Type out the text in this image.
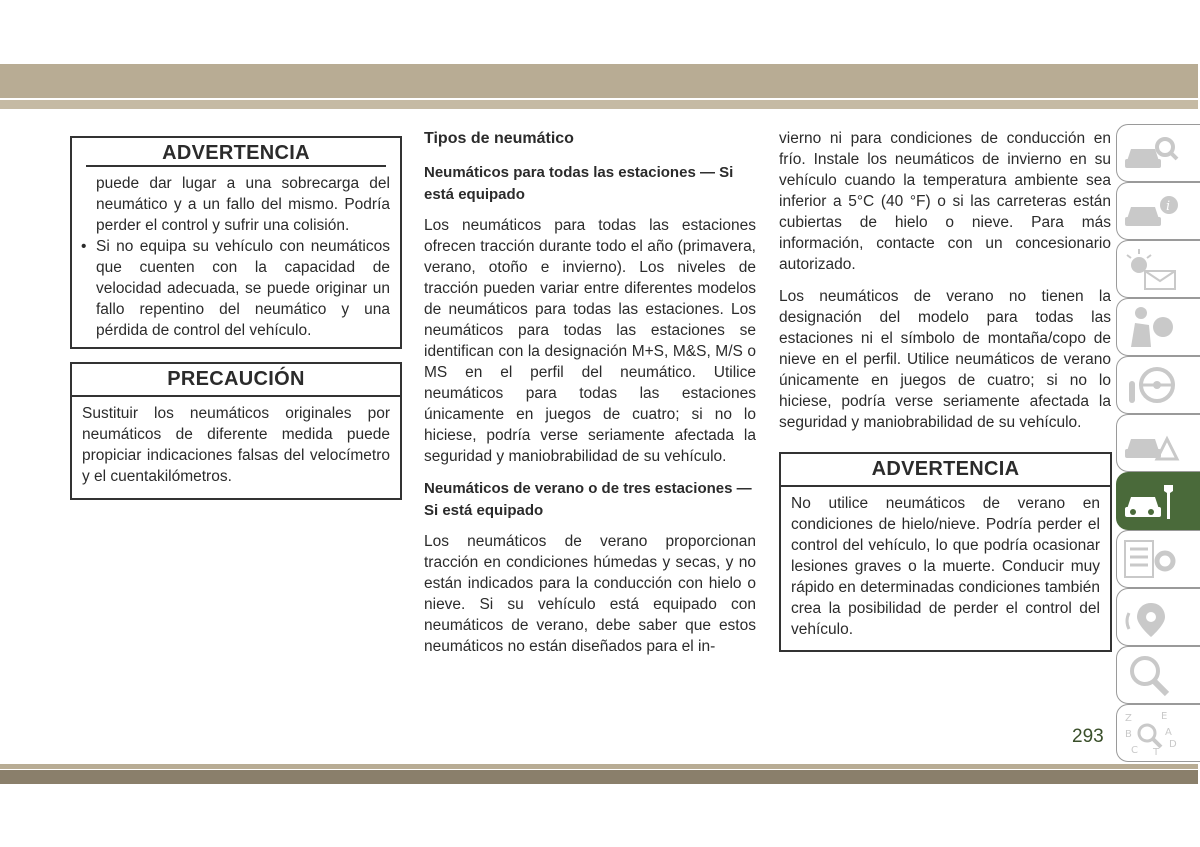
ADVERTENCIA

puede dar lugar a una sobrecarga del neumático y a un fallo del mismo. Podría perder el control y sufrir una colisión.

• Si no equipa su vehículo con neumáticos que cuenten con la capacidad de velocidad adecuada, se puede originar un fallo repentino del neumático y una pérdida de control del vehículo.

PRECAUCIÓN

Sustituir los neumáticos originales por neumáticos de diferente medida puede propiciar indicaciones falsas del velocímetro y el cuentakilómetros.

Tipos de neumático
Neumáticos para todas las estaciones — Si está equipado

Los neumáticos para todas las estaciones ofrecen tracción durante todo el año (primavera, verano, otoño e invierno). Los niveles de tracción pueden variar entre diferentes modelos de neumáticos para todas las estaciones. Los neumáticos para todas las estaciones se identifican con la designación M+S, M&S, M/S o MS en el perfil del neumático. Utilice neumáticos para todas las estaciones únicamente en juegos de cuatro; si no lo hiciese, podría verse seriamente afectada la seguridad y maniobrabilidad de su vehículo.

Neumáticos de verano o de tres estaciones — Si está equipado

Los neumáticos de verano proporcionan tracción en condiciones húmedas y secas, y no están indicados para la conducción con hielo o nieve. Si su vehículo está equipado con neumáticos de verano, debe saber que estos neumáticos no están diseñados para el in-

vierno ni para condiciones de conducción en frío. Instale los neumáticos de invierno en su vehículo cuando la temperatura ambiente sea inferior a 5°C (40 °F) o si las carreteras están cubiertas de hielo o nieve. Para más información, contacte con un concesionario autorizado.

Los neumáticos de verano no tienen la designación del modelo para todas las estaciones ni el símbolo de montaña/copo de nieve en el perfil. Utilice neumáticos de verano únicamente en juegos de cuatro; si no lo hiciese, podría verse seriamente afectada la seguridad y maniobrabilidad de su vehículo.

ADVERTENCIA

No utilice neumáticos de verano en condiciones de hielo/nieve. Podría perder el control del vehículo, lo que podría ocasionar lesiones graves o la muerte. Conducir muy rápido en determinadas condiciones también crea la posibilidad de perder el control del vehículo.

i
Z	E
B	A
D
C T
293
